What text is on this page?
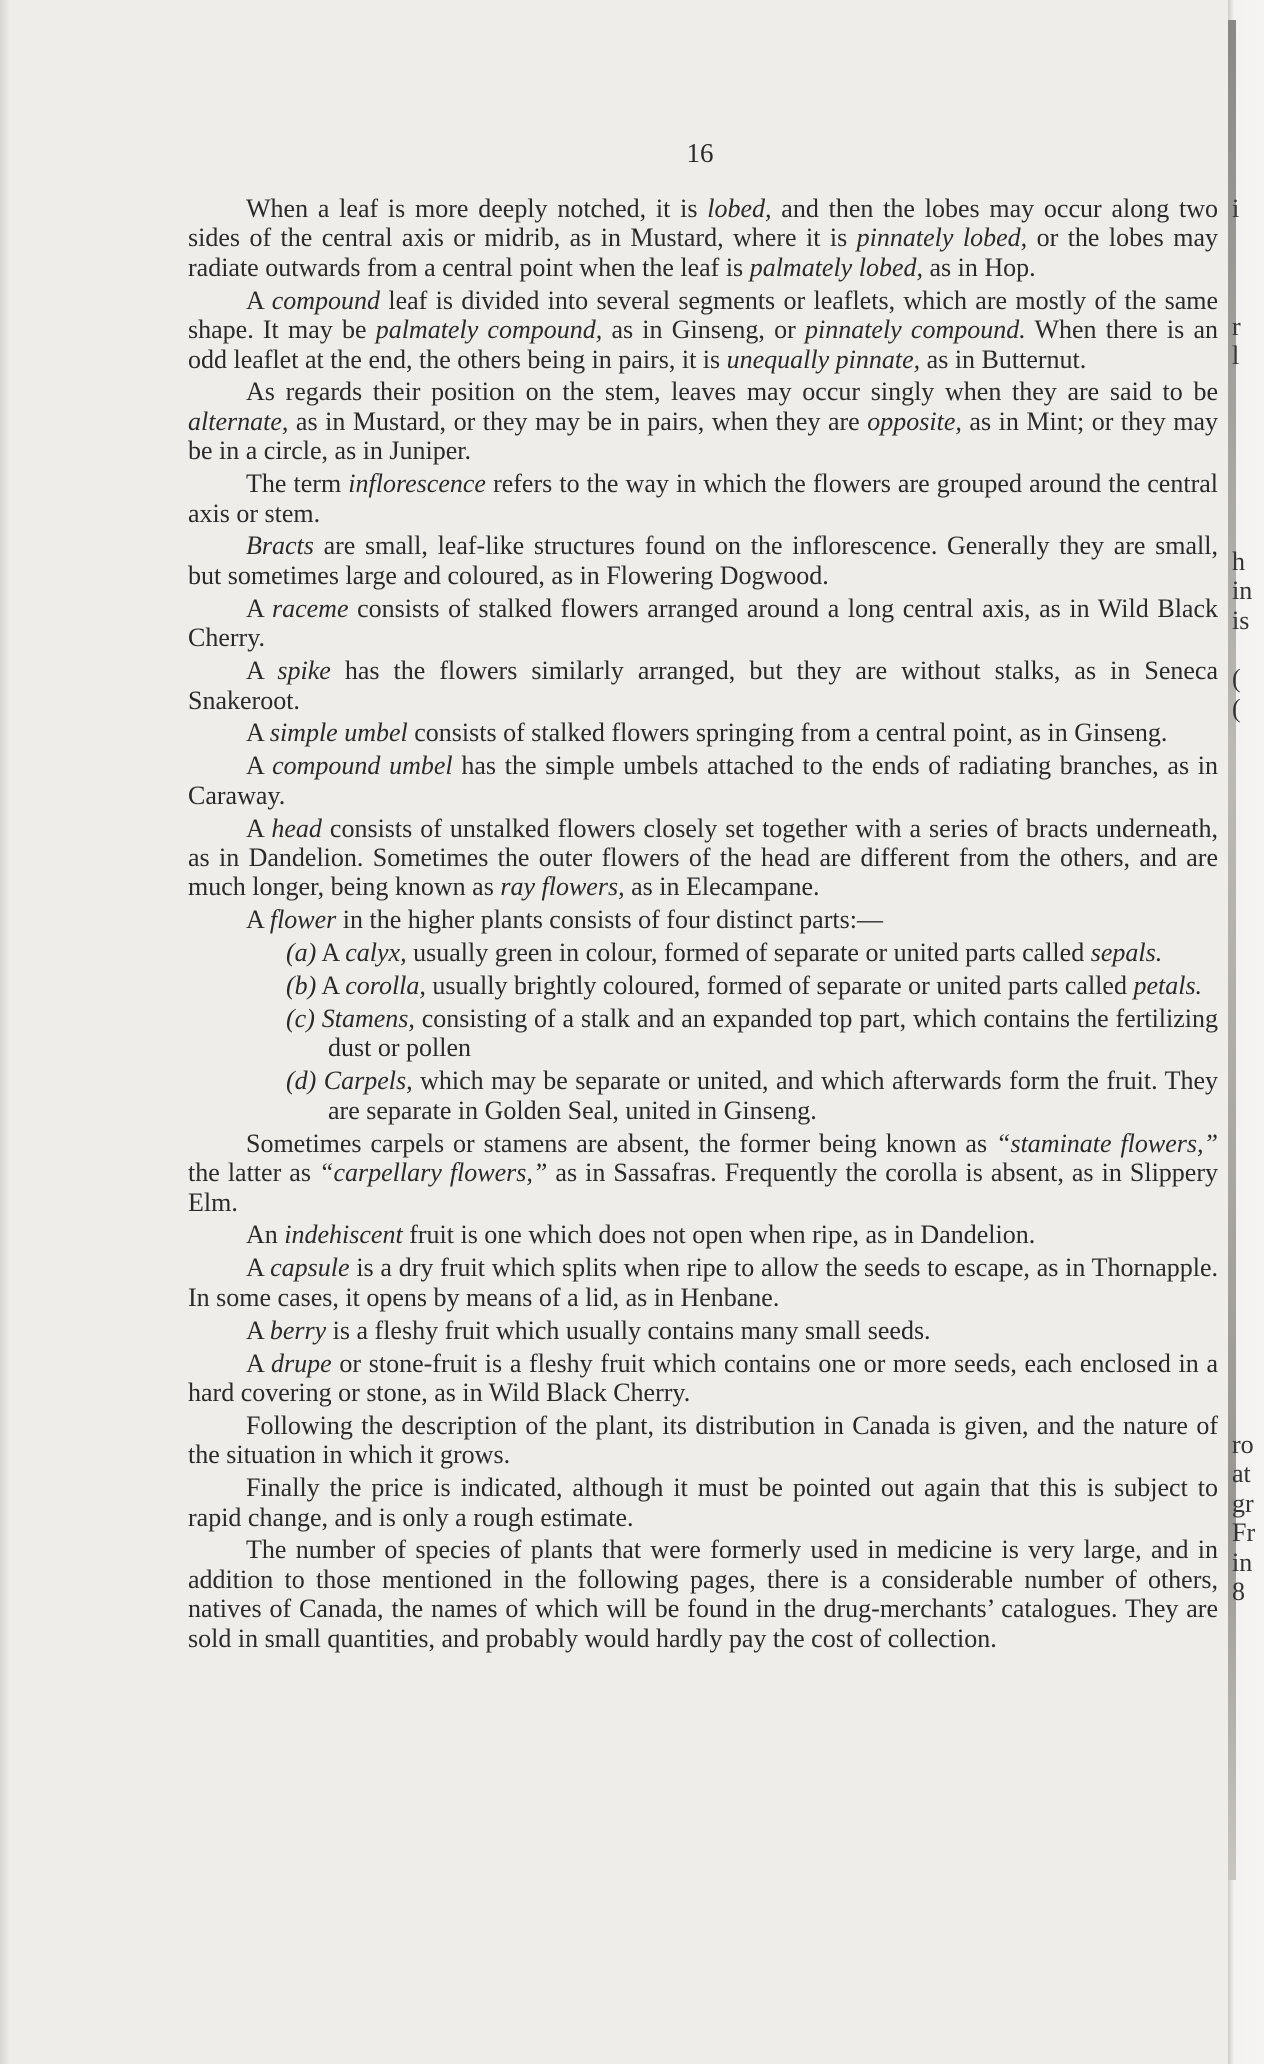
16

When a leaf is more deeply notched, it is lobed, and then the lobes may occur along two sides of the central axis or midrib, as in Mustard, where it is pinnately lobed, or the lobes may radiate outwards from a central point when the leaf is palmately lobed, as in Hop.

A compound leaf is divided into several segments or leaflets, which are mostly of the same shape. It may be palmately compound, as in Ginseng, or pinnately compound. When there is an odd leaflet at the end, the others being in pairs, it is unequally pinnate, as in Butternut.

As regards their position on the stem, leaves may occur singly when they are said to be alternate, as in Mustard, or they may be in pairs, when they are opposite, as in Mint; or they may be in a circle, as in Juniper.

The term inflorescence refers to the way in which the flowers are grouped around the central axis or stem.

Bracts are small, leaf-like structures found on the inflorescence. Generally they are small, but sometimes large and coloured, as in Flowering Dogwood.

A raceme consists of stalked flowers arranged around a long central axis, as in Wild Black Cherry.

A spike has the flowers similarly arranged, but they are without stalks, as in Seneca Snakeroot.

A simple umbel consists of stalked flowers springing from a central point, as in Ginseng.

A compound umbel has the simple umbels attached to the ends of radiating branches, as in Caraway.

A head consists of unstalked flowers closely set together with a series of bracts underneath, as in Dandelion. Sometimes the outer flowers of the head are different from the others, and are much longer, being known as ray flowers, as in Elecampane.

A flower in the higher plants consists of four distinct parts:—

(a) A calyx, usually green in colour, formed of separate or united parts called sepals.

(b) A corolla, usually brightly coloured, formed of separate or united parts called petals.

(c) Stamens, consisting of a stalk and an expanded top part, which contains the fertilizing dust or pollen

(d) Carpels, which may be separate or united, and which afterwards form the fruit. They are separate in Golden Seal, united in Ginseng.

Sometimes carpels or stamens are absent, the former being known as “staminate flowers,” the latter as “carpellary flowers,” as in Sassafras. Frequently the corolla is absent, as in Slippery Elm.

An indehiscent fruit is one which does not open when ripe, as in Dandelion.

A capsule is a dry fruit which splits when ripe to allow the seeds to escape, as in Thornapple. In some cases, it opens by means of a lid, as in Henbane.

A berry is a fleshy fruit which usually contains many small seeds.

A drupe or stone-fruit is a fleshy fruit which contains one or more seeds, each enclosed in a hard covering or stone, as in Wild Black Cherry.

Following the description of the plant, its distribution in Canada is given, and the nature of the situation in which it grows.

Finally the price is indicated, although it must be pointed out again that this is subject to rapid change, and is only a rough estimate.

The number of species of plants that were formerly used in medicine is very large, and in addition to those mentioned in the following pages, there is a considerable number of others, natives of Canada, the names of which will be found in the drug-merchants’ catalogues. They are sold in small quantities, and probably would hardly pay the cost of collection.

i
r
l
h
in
is
(
(
ro
at
gr
Fr
in
8
